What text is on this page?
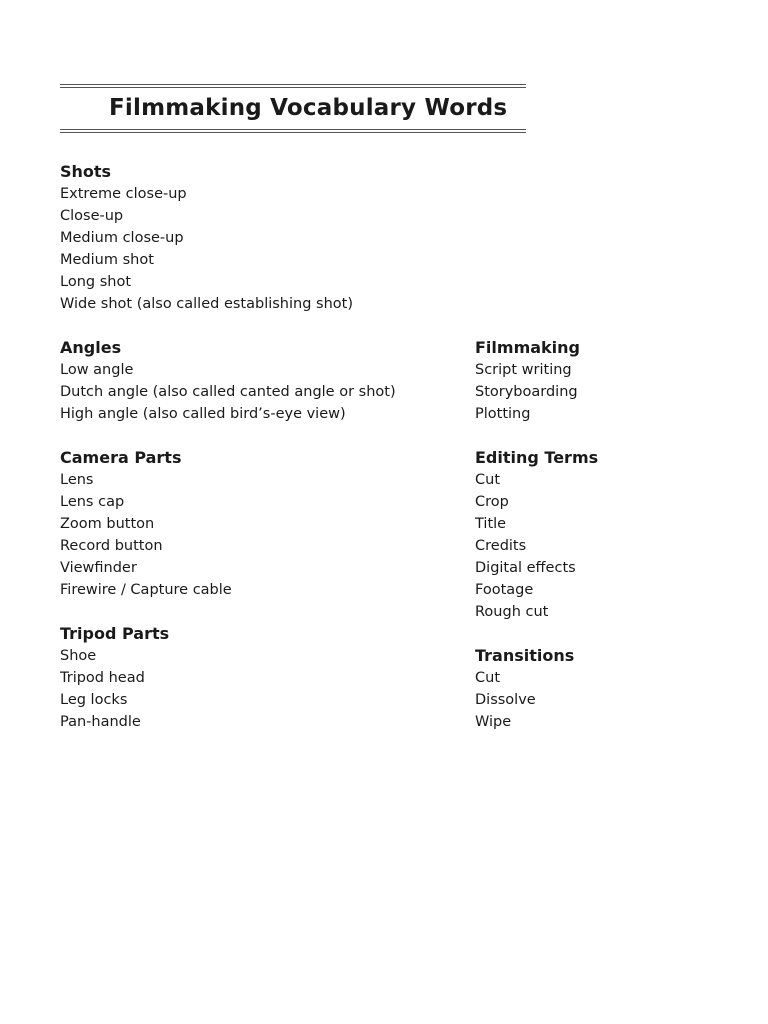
Filmmaking Vocabulary Words
Shots
Extreme close-up
Close-up
Medium close-up
Medium shot
Long shot
Wide shot (also called establishing shot)
Angles
Low angle
Dutch angle (also called canted angle or shot)
High angle (also called bird’s-eye view)
Camera Parts
Lens
Lens cap
Zoom button
Record button
Viewfinder
Firewire / Capture cable
Tripod Parts
Shoe
Tripod head
Leg locks
Pan-handle
Filmmaking
Script writing
Storyboarding
Plotting
Editing Terms
Cut
Crop
Title
Credits
Digital effects
Footage
Rough cut
Transitions
Cut
Dissolve
Wipe
